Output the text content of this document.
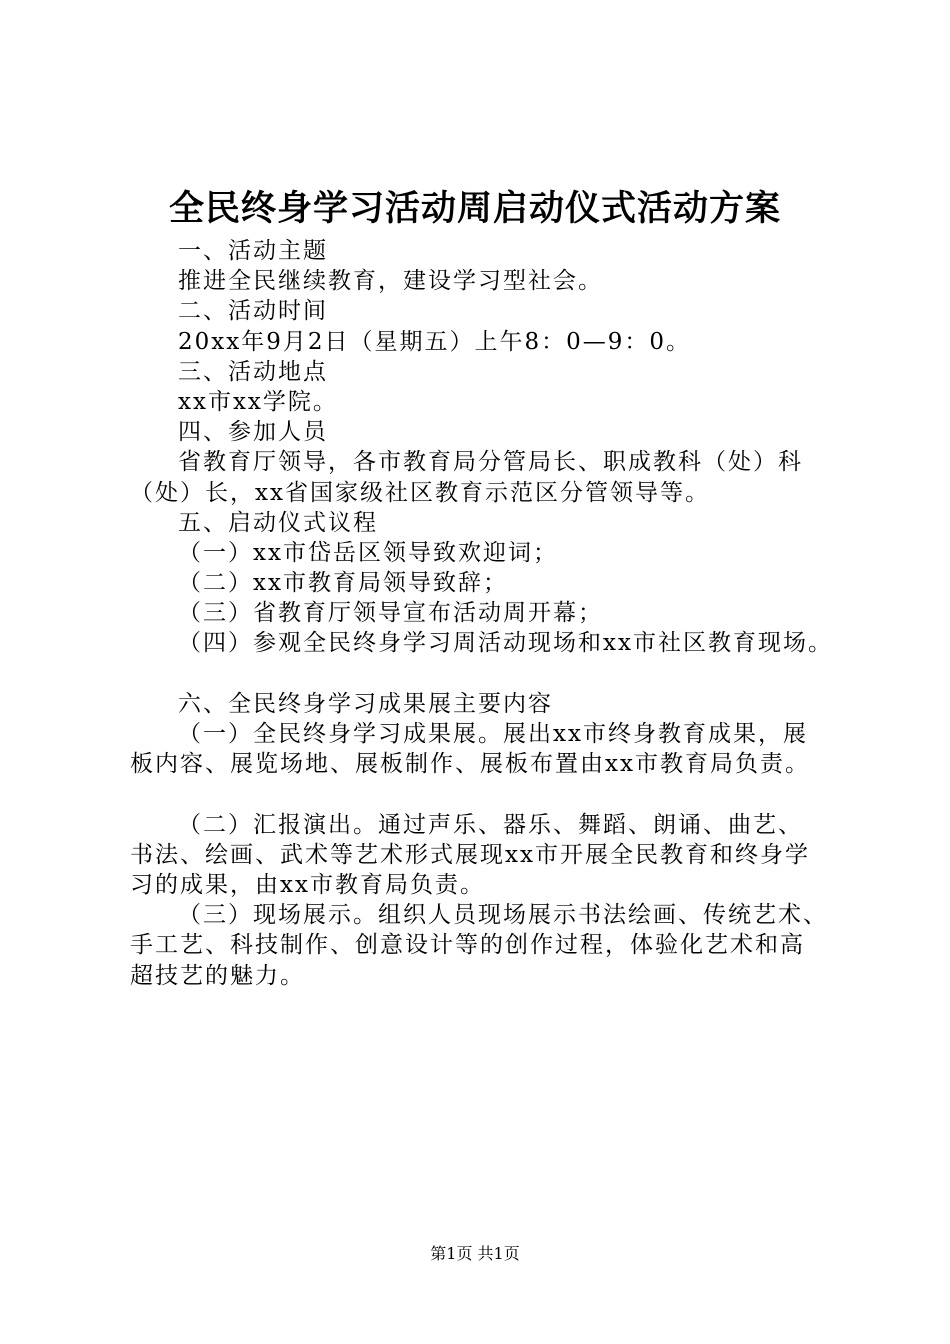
全民终身学习活动周启动仪式活动方案
一、活动主题
推进全民继续教育，建设学习型社会。
二、活动时间
20xx年9月2日（星期五）上午8：0—9：0。
三、活动地点
xx市xx学院。
四、参加人员
省教育厅领导，各市教育局分管局长、职成教科（处）科
（处）长，xx省国家级社区教育示范区分管领导等。
五、启动仪式议程
（一）xx市岱岳区领导致欢迎词；
（二）xx市教育局领导致辞；
（三）省教育厅领导宣布活动周开幕；
（四）参观全民终身学习周活动现场和xx市社区教育现场。
六、全民终身学习成果展主要内容
（一）全民终身学习成果展。展出xx市终身教育成果，展
板内容、展览场地、展板制作、展板布置由xx市教育局负责。
（二）汇报演出。通过声乐、器乐、舞蹈、朗诵、曲艺、
书法、绘画、武术等艺术形式展现xx市开展全民教育和终身学
习的成果，由xx市教育局负责。
（三）现场展示。组织人员现场展示书法绘画、传统艺术、
手工艺、科技制作、创意设计等的创作过程，体验化艺术和高
超技艺的魅力。
第1页 共1页
